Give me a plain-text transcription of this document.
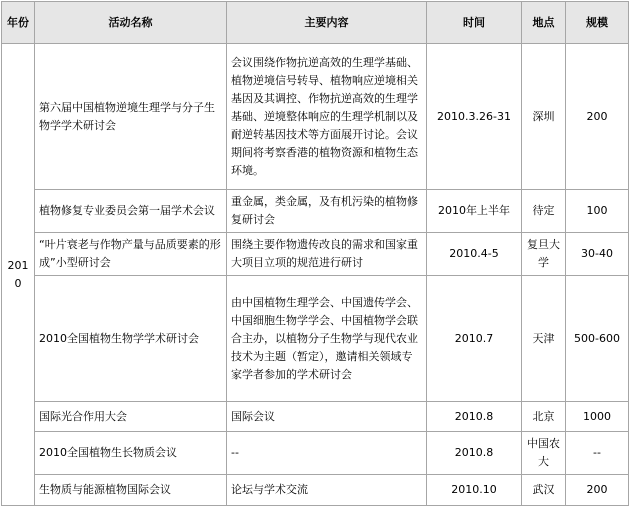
年份	活动名称	主要内容	时间	地点	规模
2010	第六届中国植物逆境生理学与分子生物学学术研讨会	会议围绕作物抗逆高效的生理学基础、植物逆境信号转导、植物响应逆境相关基因及其调控、作物抗逆高效的生理学基础、逆境整体响应的生理学机制以及耐逆转基因技术等方面展开讨论。会议期间将考察香港的植物资源和植物生态环境。	2010.3.26-31	深圳	200
	植物修复专业委员会第一届学术会议	重金属，类金属，及有机污染的植物修复研讨会	2010年上半年	待定	100
	“叶片衰老与作物产量与品质要素的形成”小型研讨会	围绕主要作物遗传改良的需求和国家重大项目立项的规范进行研讨	2010.4-5	复旦大学	30-40
	2010全国植物生物学学术研讨会	由中国植物生理学会、中国遗传学会、中国细胞生物学学会、中国植物学会联合主办，以植物分子生物学与现代农业技术为主题（暂定），邀请相关领域专家学者参加的学术研讨会	2010.7	天津	500-600
	国际光合作用大会	国际会议	2010.8	北京	1000
	2010全国植物生长物质会议	--	2010.8	中国农大	--
	生物质与能源植物国际会议	论坛与学术交流	2010.10	武汉	200
